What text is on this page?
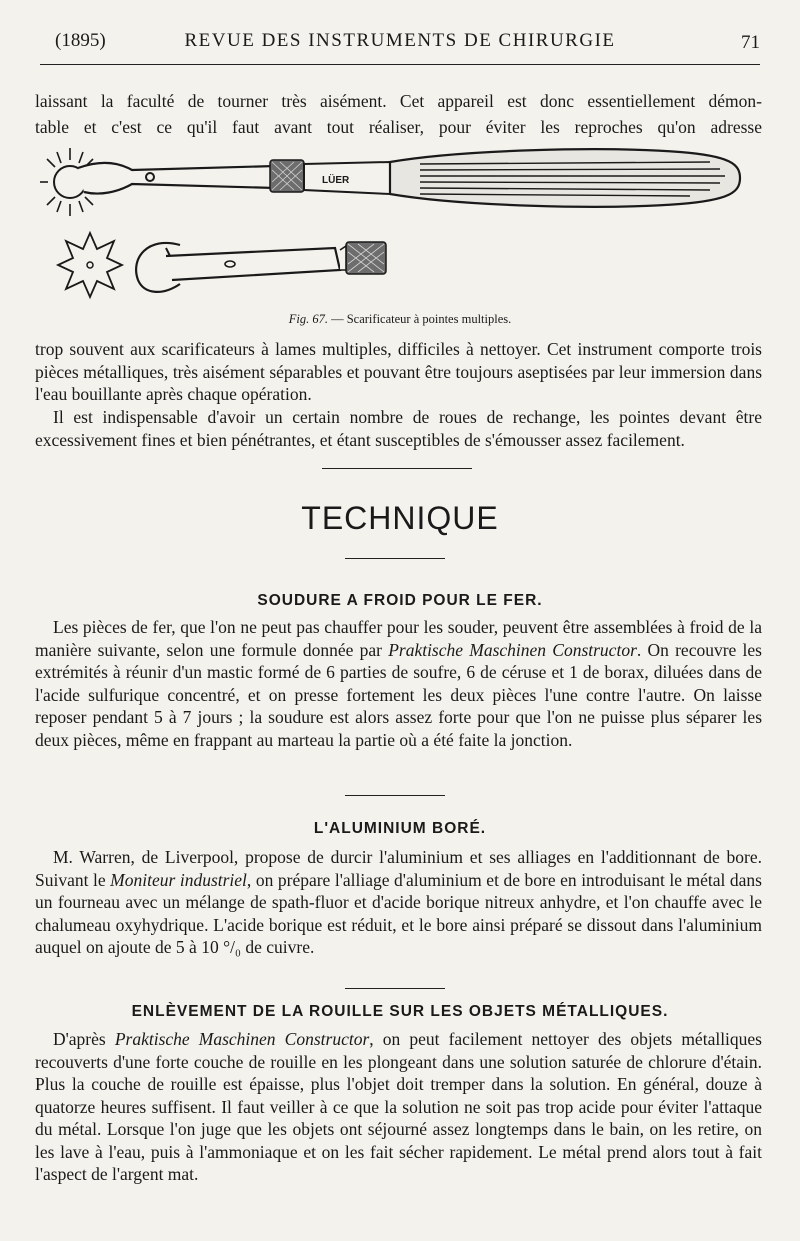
(1895)	REVUE DES INSTRUMENTS DE CHIRURGIE	71

laissant la faculté de tourner très aisément. Cet appareil est donc essentiellement démon-

table et c'est ce qu'il faut avant tout réaliser, pour éviter les reproches qu'on adresse

LÜER
Fig. 67. — Scarificateur à pointes multiples.

trop souvent aux scarificateurs à lames multiples, difficiles à nettoyer. Cet instrument comporte trois pièces métalliques, très aisément séparables et pouvant être toujours aseptisées par leur immersion dans l'eau bouillante après chaque opération.

Il est indispensable d'avoir un certain nombre de roues de rechange, les pointes devant être excessivement fines et bien pénétrantes, et étant susceptibles de s'émousser assez facilement.

TECHNIQUE
SOUDURE A FROID POUR LE FER.

Les pièces de fer, que l'on ne peut pas chauffer pour les souder, peuvent être assemblées à froid de la manière suivante, selon une formule donnée par Praktische Maschinen Constructor. On recouvre les extrémités à réunir d'un mastic formé de 6 parties de soufre, 6 de céruse et 1 de borax, diluées dans de l'acide sulfurique concentré, et on presse fortement les deux pièces l'une contre l'autre. On laisse reposer pendant 5 à 7 jours ; la soudure est alors assez forte pour que l'on ne puisse plus séparer les deux pièces, même en frappant au marteau la partie où a été faite la jonction.

L'ALUMINIUM BORÉ.

M. Warren, de Liverpool, propose de durcir l'aluminium et ses alliages en l'additionnant de bore. Suivant le Moniteur industriel, on prépare l'alliage d'aluminium et de bore en introduisant le métal dans un fourneau avec un mélange de spath-fluor et d'acide borique nitreux anhydre, et l'on chauffe avec le chalumeau oxyhydrique. L'acide borique est réduit, et le bore ainsi préparé se dissout dans l'aluminium auquel on ajoute de 5 à 10 °/₀ de cuivre.

ENLÈVEMENT DE LA ROUILLE SUR LES OBJETS MÉTALLIQUES.

D'après Praktische Maschinen Constructor, on peut facilement nettoyer des objets métalliques recouverts d'une forte couche de rouille en les plongeant dans une solution saturée de chlorure d'étain. Plus la couche de rouille est épaisse, plus l'objet doit tremper dans la solution. En général, douze à quatorze heures suffisent. Il faut veiller à ce que la solution ne soit pas trop acide pour éviter l'attaque du métal. Lorsque l'on juge que les objets ont séjourné assez longtemps dans le bain, on les retire, on les lave à l'eau, puis à l'ammoniaque et on les fait sécher rapidement. Le métal prend alors tout à fait l'aspect de l'argent mat.
